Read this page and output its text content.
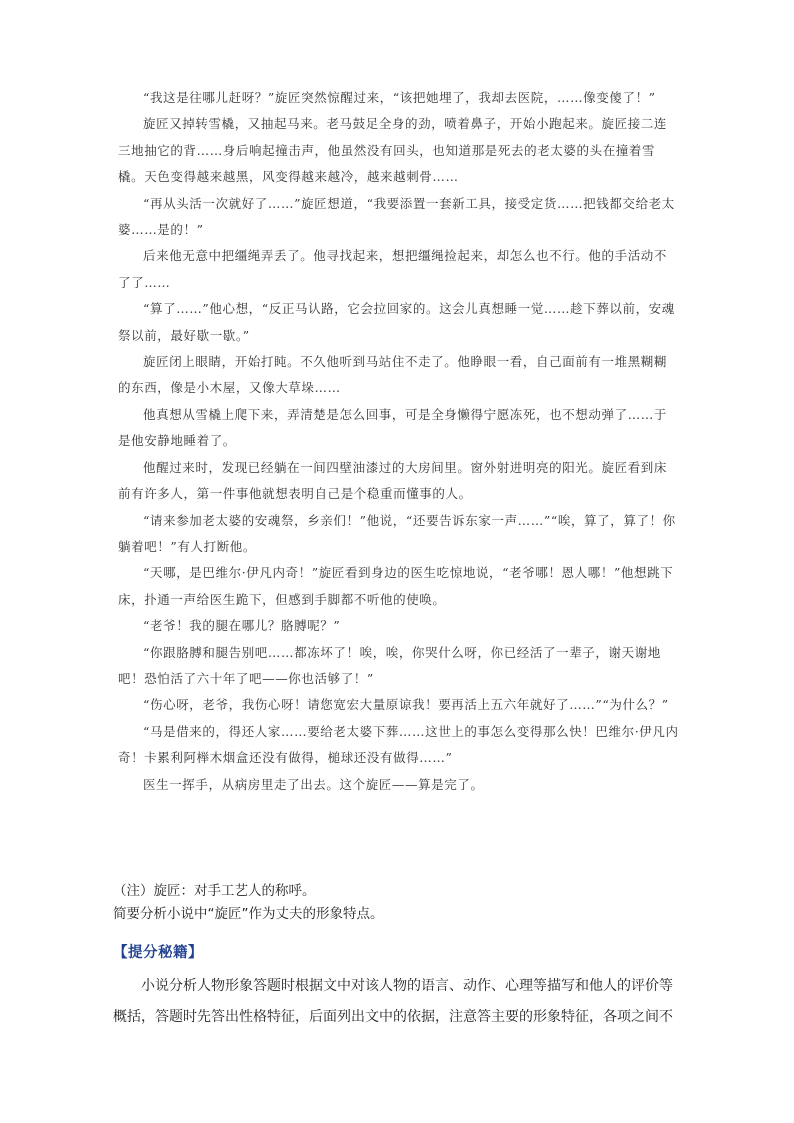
“我这是往哪儿赶呀？”旋匠突然惊醒过来，“该把她埋了，我却去医院，……像变傻了！”

旋匠又掉转雪橇，又抽起马来。老马鼓足全身的劲，喷着鼻子，开始小跑起来。旋匠接二连三地抽它的背……身后响起撞击声，他虽然没有回头，也知道那是死去的老太婆的头在撞着雪橇。天色变得越来越黑，风变得越来越冷，越来越刺骨……

“再从头活一次就好了……”旋匠想道，“我要添置一套新工具，接受定货……把钱都交给老太婆……是的！”

后来他无意中把缰绳弄丢了。他寻找起来，想把缰绳捡起来，却怎么也不行。他的手活动不了了……

“算了……”他心想，“反正马认路，它会拉回家的。这会儿真想睡一觉……趁下葬以前，安魂祭以前，最好歇一歇。”

旋匠闭上眼睛，开始打盹。不久他听到马站住不走了。他睁眼一看，自己面前有一堆黑糊糊的东西，像是小木屋，又像大草垛……

他真想从雪橇上爬下来，弄清楚是怎么回事，可是全身懒得宁愿冻死，也不想动弹了……于是他安静地睡着了。

他醒过来时，发现已经躺在一间四壁油漆过的大房间里。窗外射进明亮的阳光。旋匠看到床前有许多人，第一件事他就想表明自己是个稳重而懂事的人。

“请来参加老太婆的安魂祭，乡亲们！”他说，“还要告诉东家一声……”“唉，算了，算了！你躺着吧！”有人打断他。

“天哪，是巴维尔·伊凡内奇！”旋匠看到身边的医生吃惊地说，“老爷哪！恩人哪！”他想跳下床，扑通一声给医生跪下，但感到手脚都不听他的使唤。

“老爷！我的腿在哪儿？胳膊呢？”

“你跟胳膊和腿告别吧……都冻坏了！唉，唉，你哭什么呀，你已经活了一辈子，谢天谢地吧！恐怕活了六十年了吧——你也活够了！”

“伤心呀，老爷，我伤心呀！请您宽宏大量原谅我！要再活上五六年就好了……”“为什么？”

“马是借来的，得还人家……要给老太婆下葬……这世上的事怎么变得那么快！巴维尔·伊凡内奇！卡累利阿榉木烟盒还没有做得，槌球还没有做得……”

医生一挥手，从病房里走了出去。这个旋匠——算是完了。

（注）旋匠：对手工艺人的称呼。

简要分析小说中“旋匠”作为丈夫的形象特点。

【提分秘籍】

小说分析人物形象答题时根据文中对该人物的语言、动作、心理等描写和他人的评价等概括，答题时先答出性格特征，后面列出文中的依据，注意答主要的形象特征，各项之间不
